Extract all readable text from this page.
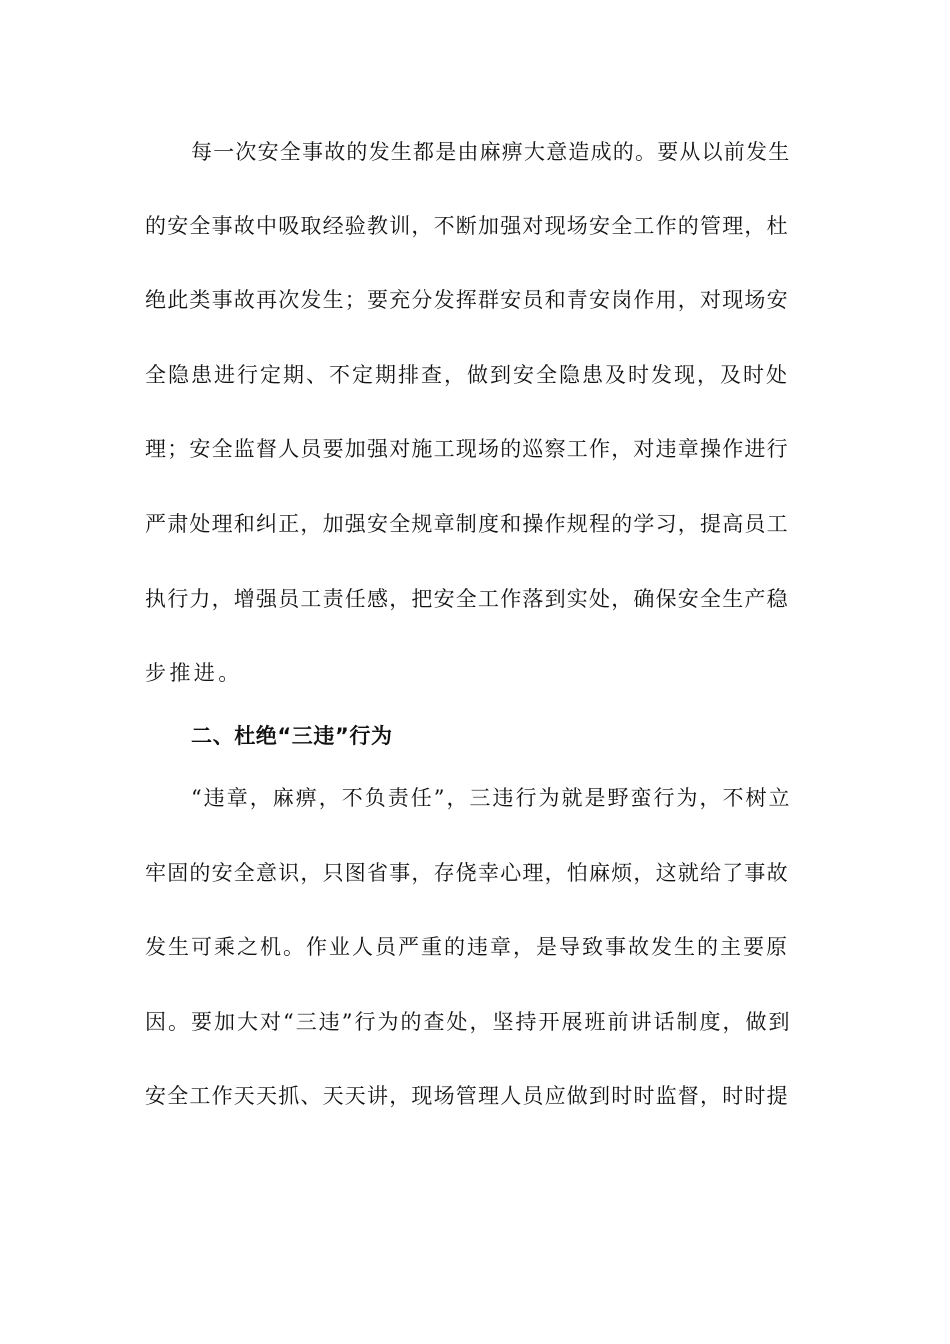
每一次安全事故的发生都是由麻痹大意造成的。要从以前发生
的安全事故中吸取经验教训，不断加强对现场安全工作的管理，杜
绝此类事故再次发生；要充分发挥群安员和青安岗作用，对现场安
全隐患进行定期、不定期排查，做到安全隐患及时发现，及时处
理；安全监督人员要加强对施工现场的巡察工作，对违章操作进行
严肃处理和纠正，加强安全规章制度和操作规程的学习，提高员工
执行力，增强员工责任感，把安全工作落到实处，确保安全生产稳
步推进。
二、杜绝“三违”行为
“违章，麻痹，不负责任”，三违行为就是野蛮行为，不树立
牢固的安全意识，只图省事，存侥幸心理，怕麻烦，这就给了事故
发生可乘之机。作业人员严重的违章，是导致事故发生的主要原
因。要加大对“三违”行为的查处，坚持开展班前讲话制度，做到
安全工作天天抓、天天讲，现场管理人员应做到时时监督，时时提
